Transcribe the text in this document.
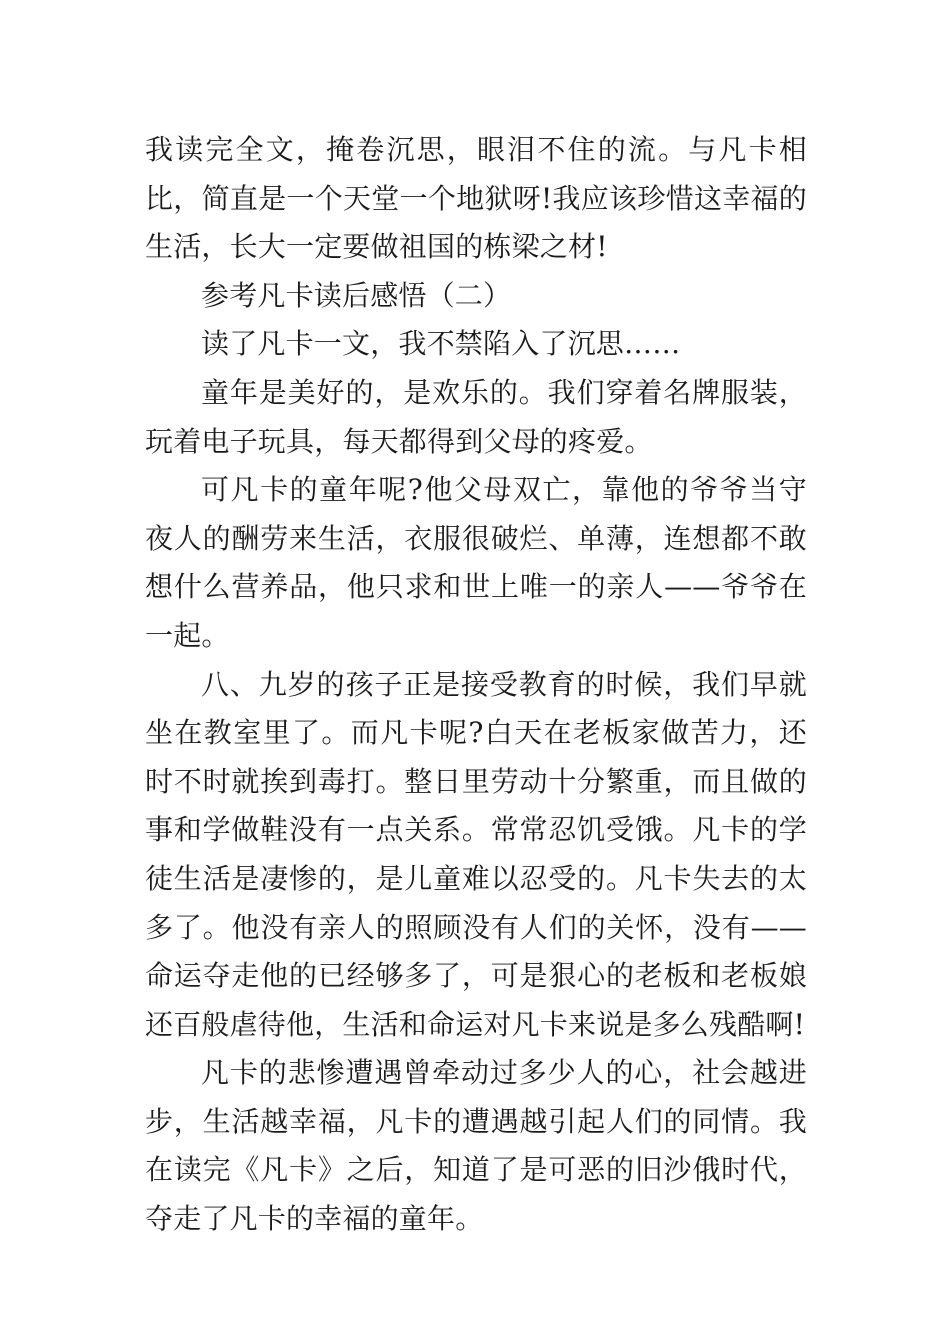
我读完全文，掩卷沉思，眼泪不住的流。与凡卡相比，简直是一个天堂一个地狱呀!我应该珍惜这幸福的生活，长大一定要做祖国的栋梁之材!

参考凡卡读后感悟（二）

读了凡卡一文，我不禁陷入了沉思……

童年是美好的，是欢乐的。我们穿着名牌服装，玩着电子玩具，每天都得到父母的疼爱。

可凡卡的童年呢?他父母双亡，靠他的爷爷当守夜人的酬劳来生活，衣服很破烂、单薄，连想都不敢想什么营养品，他只求和世上唯一的亲人——爷爷在一起。

八、九岁的孩子正是接受教育的时候，我们早就坐在教室里了。而凡卡呢?白天在老板家做苦力，还时不时就挨到毒打。整日里劳动十分繁重，而且做的事和学做鞋没有一点关系。常常忍饥受饿。凡卡的学徒生活是凄惨的，是儿童难以忍受的。凡卡失去的太多了。他没有亲人的照顾没有人们的关怀，没有——命运夺走他的已经够多了，可是狠心的老板和老板娘还百般虐待他，生活和命运对凡卡来说是多么残酷啊!

凡卡的悲惨遭遇曾牵动过多少人的心，社会越进步，生活越幸福，凡卡的遭遇越引起人们的同情。我在读完《凡卡》之后，知道了是可恶的旧沙俄时代，夺走了凡卡的幸福的童年。
